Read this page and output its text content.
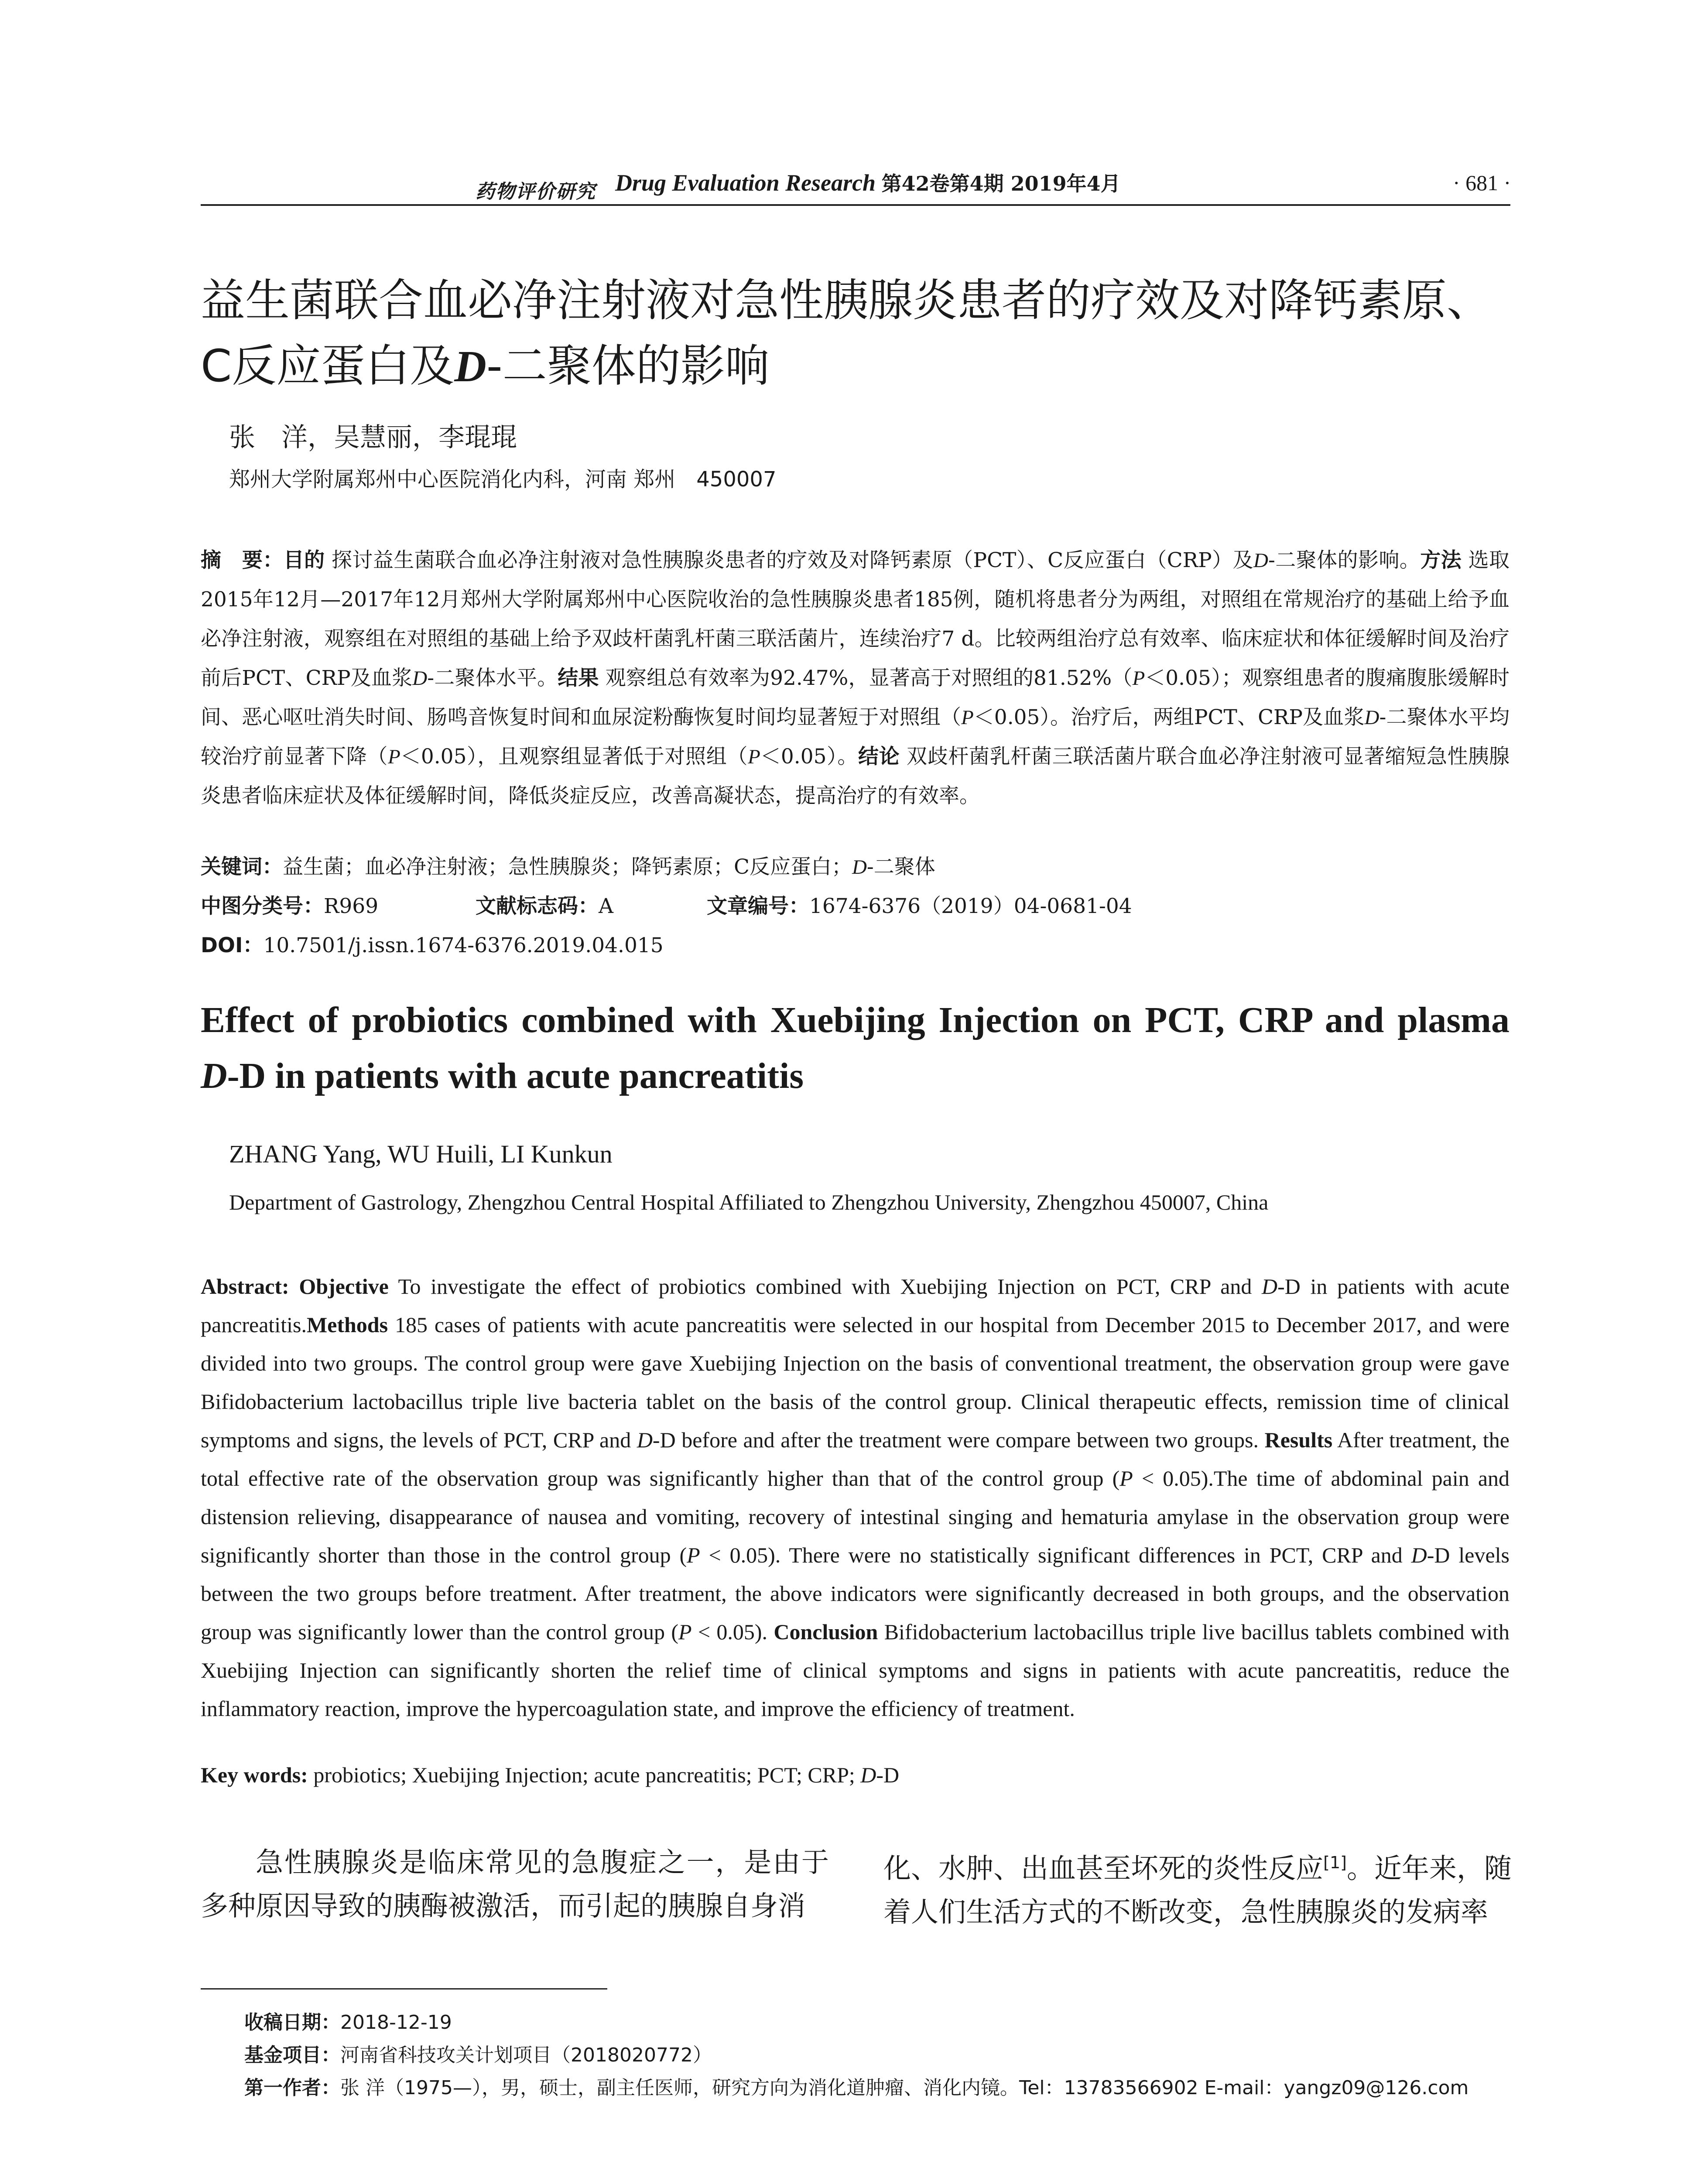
药物评价研究 Drug Evaluation Research 第42卷第4期 2019年4月	· 681 ·
益生菌联合血必净注射液对急性胰腺炎患者的疗效及对降钙素原、C反应蛋白及D-二聚体的影响
张　洋，吴慧丽，李琨琨
郑州大学附属郑州中心医院消化内科，河南 郑州　450007
摘　要：目的 探讨益生菌联合血必净注射液对急性胰腺炎患者的疗效及对降钙素原（PCT）、C反应蛋白（CRP）及D-二聚体的影响。方法 选取2015年12月—2017年12月郑州大学附属郑州中心医院收治的急性胰腺炎患者185例，随机将患者分为两组，对照组在常规治疗的基础上给予血必净注射液，观察组在对照组的基础上给予双歧杆菌乳杆菌三联活菌片，连续治疗7 d。比较两组治疗总有效率、临床症状和体征缓解时间及治疗前后PCT、CRP及血浆D-二聚体水平。结果 观察组总有效率为92.47%，显著高于对照组的81.52%（P＜0.05）；观察组患者的腹痛腹胀缓解时间、恶心呕吐消失时间、肠鸣音恢复时间和血尿淀粉酶恢复时间均显著短于对照组（P＜0.05）。治疗后，两组PCT、CRP及血浆D-二聚体水平均较治疗前显著下降（P＜0.05），且观察组显著低于对照组（P＜0.05）。结论 双歧杆菌乳杆菌三联活菌片联合血必净注射液可显著缩短急性胰腺炎患者临床症状及体征缓解时间，降低炎症反应，改善高凝状态，提高治疗的有效率。
关键词：益生菌；血必净注射液；急性胰腺炎；降钙素原；C反应蛋白；D-二聚体
中图分类号：R969	文献标志码：A	文章编号：1674-6376（2019）04-0681-04
DOI：10.7501/j.issn.1674-6376.2019.04.015
Effect of probiotics combined with Xuebijing Injection on PCT, CRP and plasma D-D in patients with acute pancreatitis
ZHANG Yang, WU Huili, LI Kunkun
Department of Gastrology, Zhengzhou Central Hospital Affiliated to Zhengzhou University, Zhengzhou 450007, China
Abstract: Objective To investigate the effect of probiotics combined with Xuebijing Injection on PCT, CRP and D-D in patients with acute pancreatitis.Methods 185 cases of patients with acute pancreatitis were selected in our hospital from December 2015 to December 2017, and were divided into two groups. The control group were gave Xuebijing Injection on the basis of conventional treatment, the observation group were gave Bifidobacterium lactobacillus triple live bacteria tablet on the basis of the control group. Clinical therapeutic effects, remission time of clinical symptoms and signs, the levels of PCT, CRP and D-D before and after the treatment were compare between two groups. Results After treatment, the total effective rate of the observation group was significantly higher than that of the control group (P < 0.05).The time of abdominal pain and distension relieving, disappearance of nausea and vomiting, recovery of intestinal singing and hematuria amylase in the observation group were significantly shorter than those in the control group (P < 0.05). There were no statistically significant differences in PCT, CRP and D-D levels between the two groups before treatment. After treatment, the above indicators were significantly decreased in both groups, and the observation group was significantly lower than the control group (P < 0.05). Conclusion Bifidobacterium lactobacillus triple live bacillus tablets combined with Xuebijing Injection can significantly shorten the relief time of clinical symptoms and signs in patients with acute pancreatitis, reduce the inflammatory reaction, improve the hypercoagulation state, and improve the efficiency of treatment.
Key words: probiotics; Xuebijing Injection; acute pancreatitis; PCT; CRP; D-D
急性胰腺炎是临床常见的急腹症之一，是由于多种原因导致的胰酶被激活，而引起的胰腺自身消
化、水肿、出血甚至坏死的炎性反应[1]。近年来，随着人们生活方式的不断改变，急性胰腺炎的发病率
收稿日期：2018-12-19
基金项目：河南省科技攻关计划项目（2018020772）
第一作者：张 洋（1975—），男，硕士，副主任医师，研究方向为消化道肿瘤、消化内镜。Tel：13783566902 E-mail：yangz09@126.com
